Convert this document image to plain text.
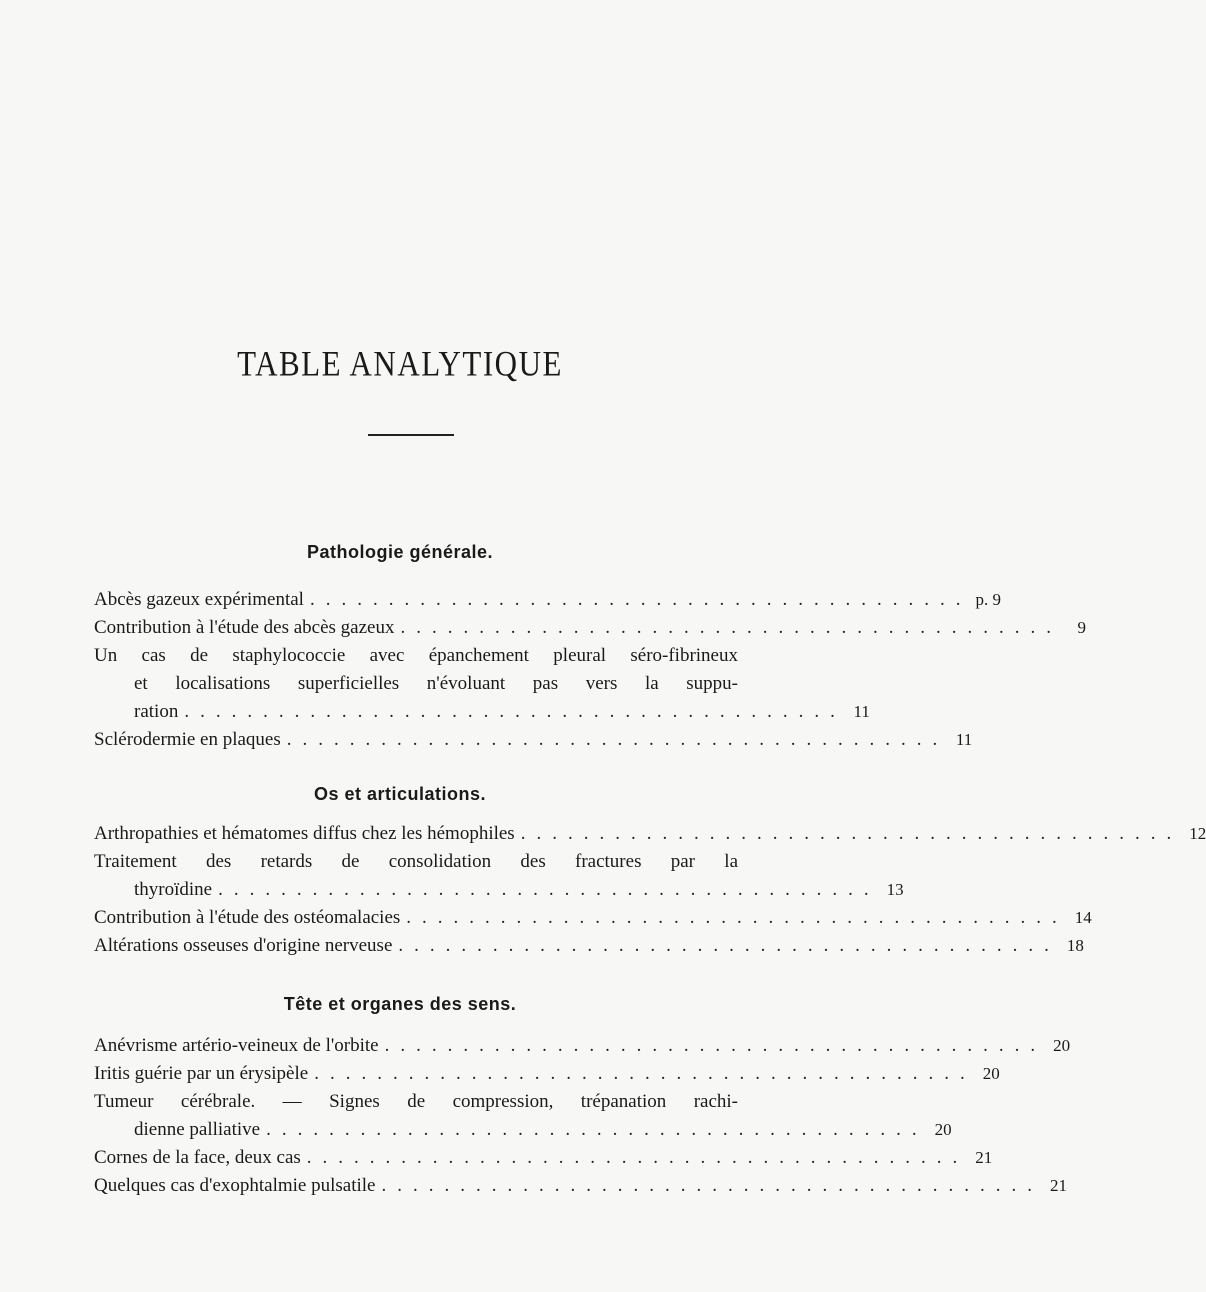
TABLE ANALYTIQUE
Pathologie générale.
Abcès gazeux expérimental .......................................... p. 9
Contribution à l'étude des abcès gazeux .......................................... 9
Un cas de staphylococcie avec épanchement pleural séro-fibrineux
et localisations superficielles n'évoluant pas vers la suppu-
ration .......................................... 11
Sclérodermie en plaques .......................................... 11
Os et articulations.
Arthropathies et hématomes diffus chez les hémophiles .......................................... 12
Traitement des retards de consolidation des fractures par la
thyroïdine .......................................... 13
Contribution à l'étude des ostéomalacies .......................................... 14
Altérations osseuses d'origine nerveuse .......................................... 18
Tête et organes des sens.
Anévrisme artério-veineux de l'orbite .......................................... 20
Iritis guérie par un érysipèle .......................................... 20
Tumeur cérébrale. — Signes de compression, trépanation rachi-
dienne palliative .......................................... 20
Cornes de la face, deux cas .......................................... 21
Quelques cas d'exophtalmie pulsatile .......................................... 21
